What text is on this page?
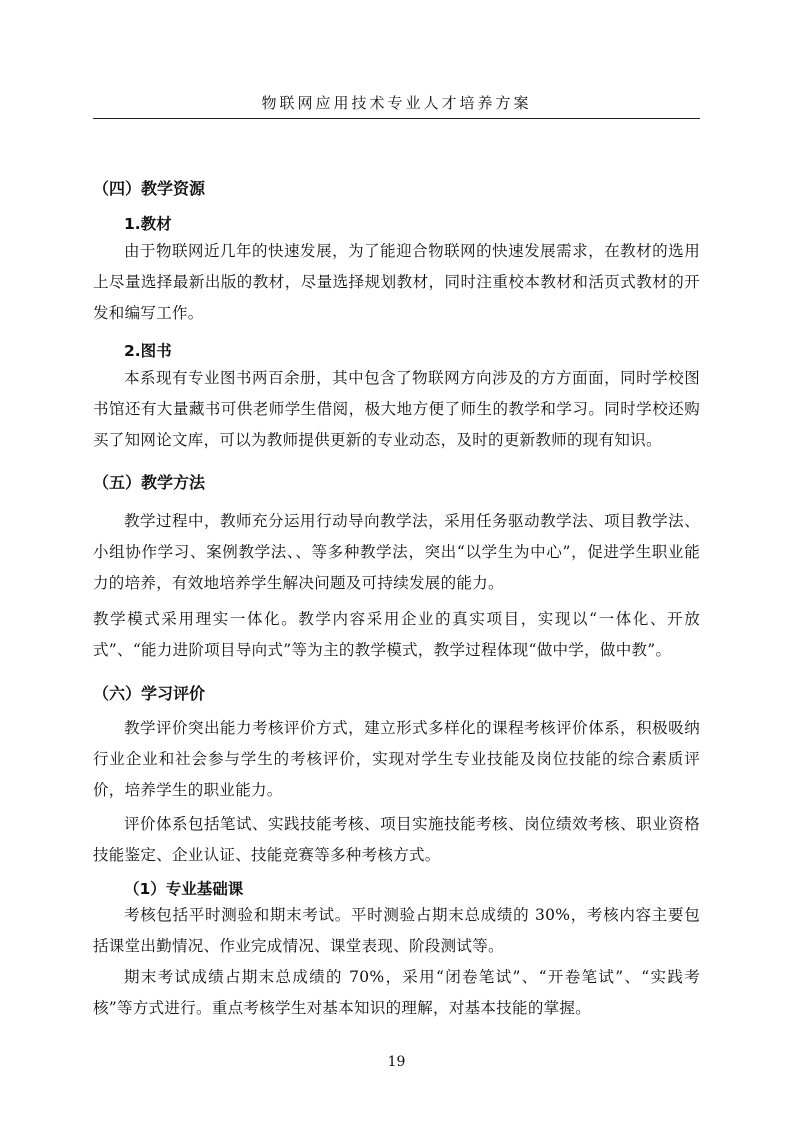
物联网应用技术专业人才培养方案
（四）教学资源
1.教材

由于物联网近几年的快速发展，为了能迎合物联网的快速发展需求，在教材的选用上尽量选择最新出版的教材，尽量选择规划教材，同时注重校本教材和活页式教材的开发和编写工作。

2.图书

本系现有专业图书两百余册，其中包含了物联网方向涉及的方方面面，同时学校图书馆还有大量藏书可供老师学生借阅，极大地方便了师生的教学和学习。同时学校还购买了知网论文库，可以为教师提供更新的专业动态，及时的更新教师的现有知识。

（五）教学方法

教学过程中，教师充分运用行动导向教学法，采用任务驱动教学法、项目教学法、小组协作学习、案例教学法、、等多种教学法，突出“以学生为中心”，促进学生职业能力的培养，有效地培养学生解决问题及可持续发展的能力。

教学模式采用理实一体化。教学内容采用企业的真实项目，实现以“一体化、开放式”、“能力进阶项目导向式”等为主的教学模式，教学过程体现“做中学，做中教”。

（六）学习评价

教学评价突出能力考核评价方式，建立形式多样化的课程考核评价体系，积极吸纳行业企业和社会参与学生的考核评价，实现对学生专业技能及岗位技能的综合素质评价，培养学生的职业能力。

评价体系包括笔试、实践技能考核、项目实施技能考核、岗位绩效考核、职业资格技能鉴定、企业认证、技能竞赛等多种考核方式。

（1）专业基础课

考核包括平时测验和期末考试。平时测验占期末总成绩的 30%，考核内容主要包括课堂出勤情况、作业完成情况、课堂表现、阶段测试等。

期末考试成绩占期末总成绩的 70%，采用“闭卷笔试”、“开卷笔试”、“实践考核”等方式进行。重点考核学生对基本知识的理解，对基本技能的掌握。

19
